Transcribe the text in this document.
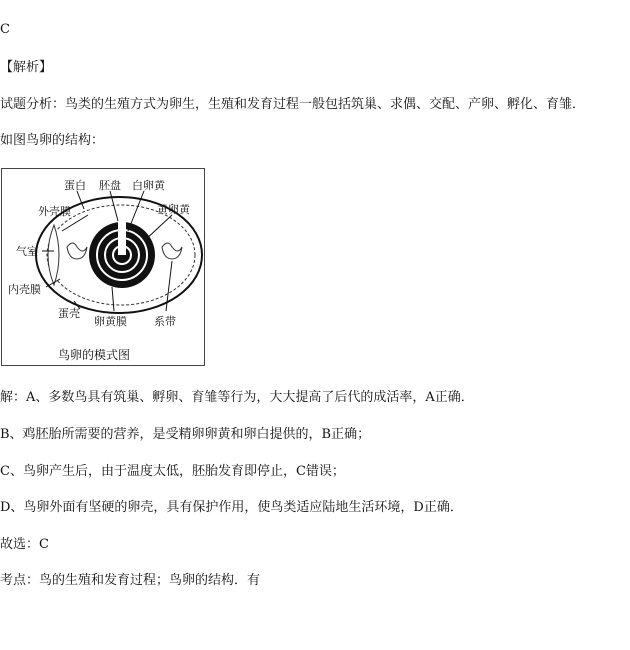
C
【解析】
试题分析：鸟类的生殖方式为卵生，生殖和发育过程一般包括筑巢、求偶、交配、产卵、孵化、育雏．
如图鸟卵的结构：
蛋白 胚盘 白卵黄
黄卵黄
外壳膜
气室
内壳膜
蛋壳
卵黄膜 系带
鸟卵的模式图
解：A、多数鸟具有筑巢、孵卵、育雏等行为，大大提高了后代的成活率，A正确．
B、鸡胚胎所需要的营养，是受精卵卵黄和卵白提供的，B正确；
C、鸟卵产生后，由于温度太低，胚胎发育即停止，C错误；
D、鸟卵外面有坚硬的卵壳，具有保护作用，使鸟类适应陆地生活环境，D正确．
故选：C
考点：鸟的生殖和发育过程；鸟卵的结构．有
